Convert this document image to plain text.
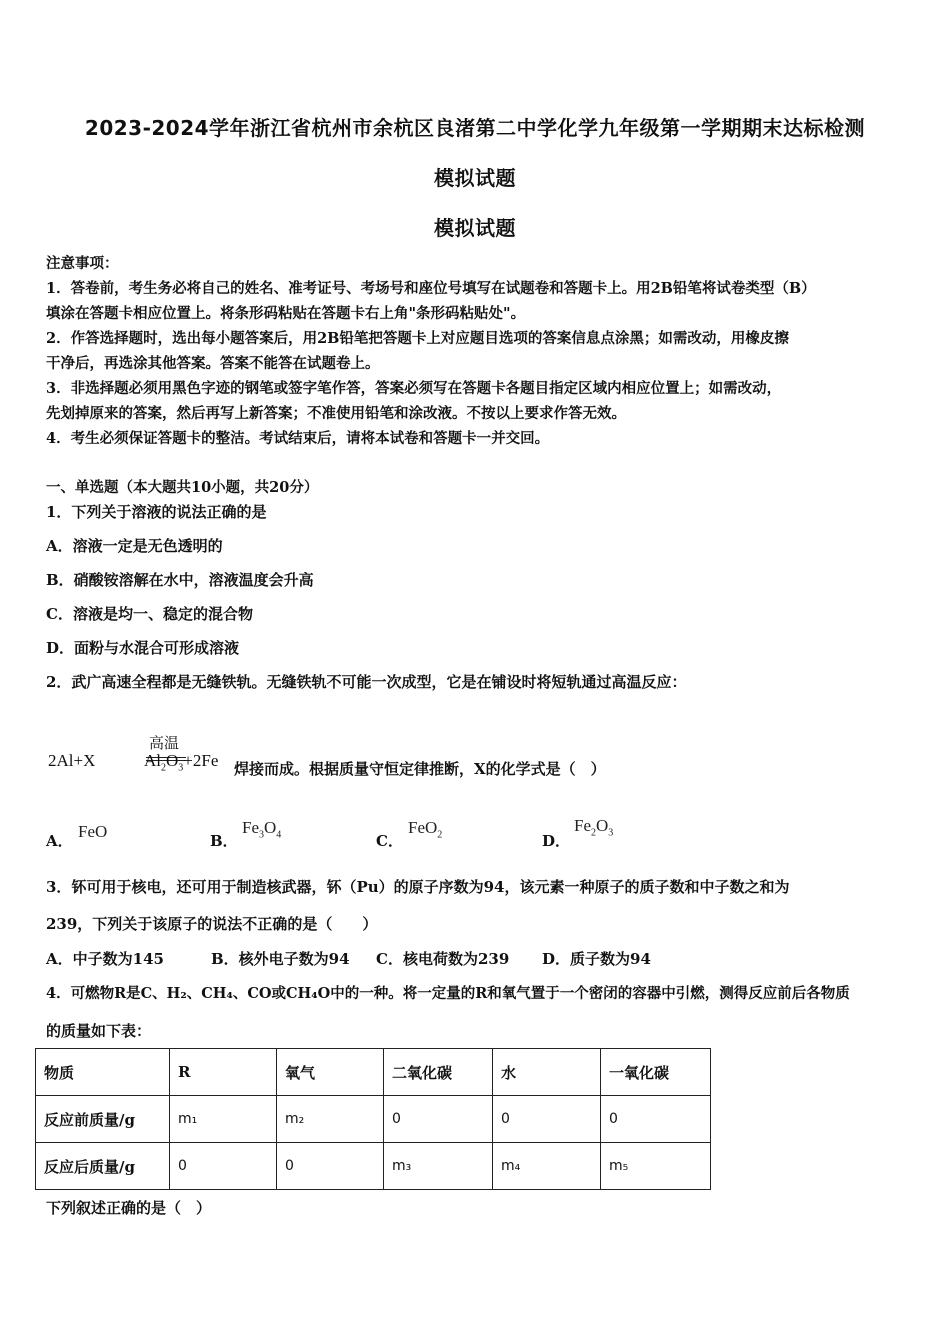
2023-2024学年浙江省杭州市余杭区良渚第二中学化学九年级第一学期期末达标检测
模拟试题
模拟试题
注意事项：
1．答卷前，考生务必将自己的姓名、准考证号、考场号和座位号填写在试题卷和答题卡上。用2B铅笔将试卷类型（B）
填涂在答题卡相应位置上。将条形码粘贴在答题卡右上角"条形码粘贴处"。
2．作答选择题时，选出每小题答案后，用2B铅笔把答题卡上对应题目选项的答案信息点涂黑；如需改动，用橡皮擦
干净后，再选涂其他答案。答案不能答在试题卷上。
3．非选择题必须用黑色字迹的钢笔或签字笔作答，答案必须写在答题卡各题目指定区域内相应位置上；如需改动，
先划掉原来的答案，然后再写上新答案；不准使用铅笔和涂改液。不按以上要求作答无效。
4．考生必须保证答题卡的整洁。考试结束后，请将本试卷和答题卡一并交回。
一、单选题（本大题共10小题，共20分）
1．下列关于溶液的说法正确的是
A．溶液一定是无色透明的
B．硝酸铵溶解在水中，溶液温度会升高
C．溶液是均一、稳定的混合物
D．面粉与水混合可形成溶液
2．武广高速全程都是无缝铁轨。无缝铁轨不可能一次成型，它是在铺设时将短轨通过高温反应：
2Al+X
高温
$Al_2O_3+2Fe$ 焊接而成。根据质量守恒定律推断，X的化学式是（　）
A． FeO	B．
$Fe_3O_4$	C．
FeO$_2$	D．
$Fe_2O_3$
3．钚可用于核电，还可用于制造核武器，钚（Pu）的原子序数为94，该元素一种原子的质子数和中子数之和为
239，下列关于该原子的说法不正确的是（　　）
A．中子数为145	B．核外电子数为94 C．核电荷数为239 D．质子数为94
4．可燃物R是C、H₂、CH₄、CO或CH₄O中的一种。将一定量的R和氧气置于一个密闭的容器中引燃，测得反应前后各物质
的质量如下表：
物质	R	氧气	二氧化碳	水	一氧化碳
反应前质量/g	m₁	m₂	0	0	0
反应后质量/g	0	0	m₃	m₄	m₅
下列叙述正确的是（　）
